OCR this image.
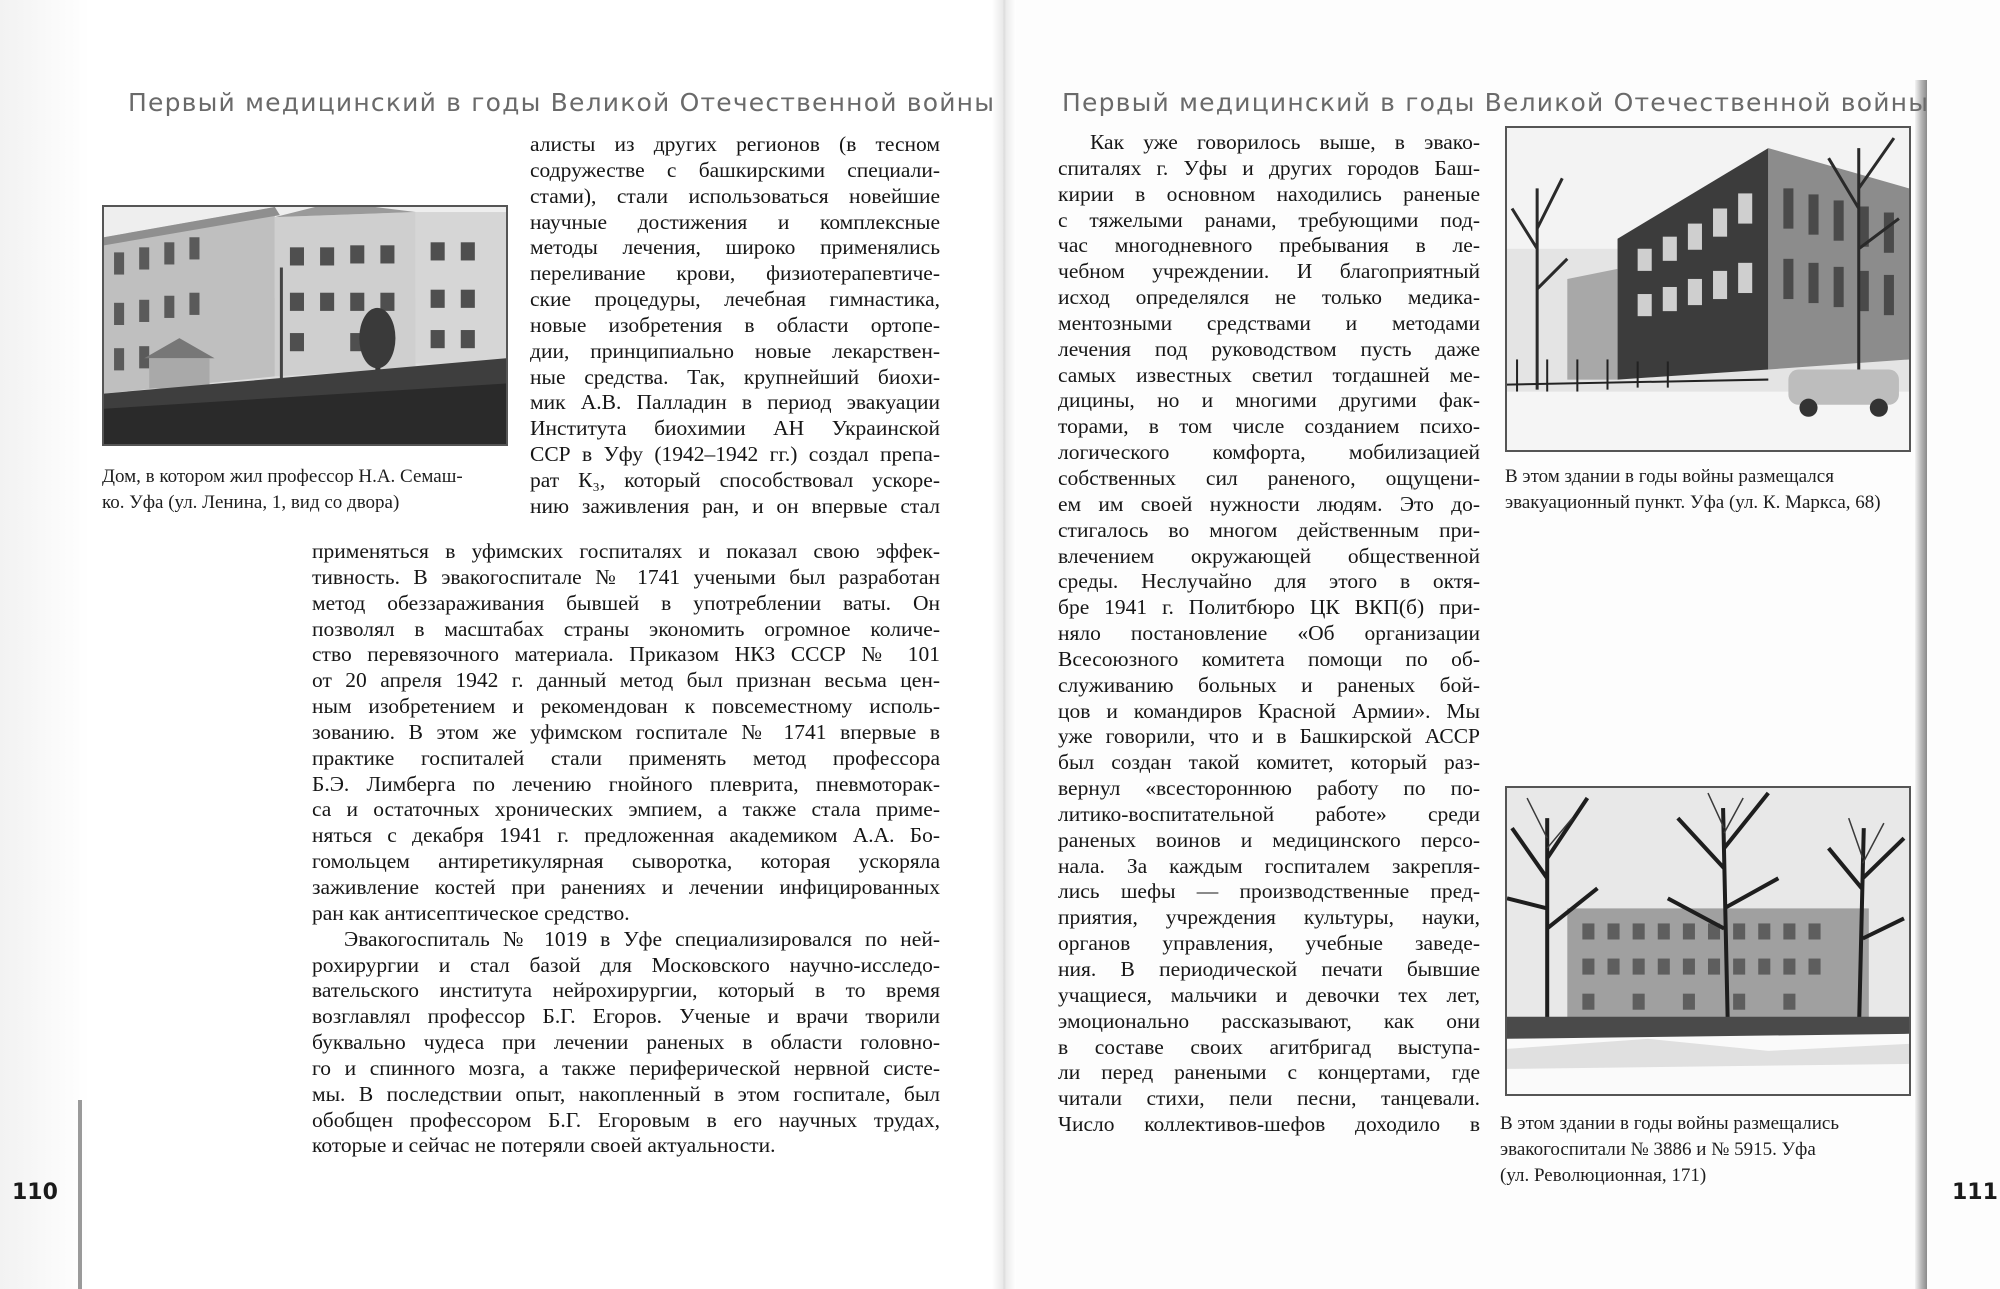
Первый медицинский в годы Великой Отечественной войны	Первый медицинский в годы Великой Отечественной войны
Дом, в котором жил профессор Н.А. Семаш-
ко. Уфа (ул. Ленина, 1, вид со двора)
алисты из других регионов (в тесном
содружестве с башкирскими специали-
стами), стали использоваться новейшие
научные достижения и комплексные
методы лечения, широко применялись
переливание крови, физиотерапевтиче-
ские процедуры, лечебная гимнастика,
новые изобретения в области ортопе-
дии, принципиально новые лекарствен-
ные средства. Так, крупнейший биохи-
мик А.В. Палладин в период эвакуации
Института биохимии АН Украинской
ССР в Уфу (1942–1942 гг.) создал препа-
рат К₃, который способствовал ускоре-
нию заживления ран, и он впервые стал
применяться в уфимских госпиталях и показал свою эффек-
тивность. В эвакогоспитале № 1741 учеными был разработан
метод обеззараживания бывшей в употреблении ваты. Он
позволял в масштабах страны экономить огромное количе-
ство перевязочного материала. Приказом НКЗ СССР № 101
от 20 апреля 1942 г. данный метод был признан весьма цен-
ным изобретением и рекомендован к повсеместному исполь-
зованию. В этом же уфимском госпитале № 1741 впервые в
практике госпиталей стали применять метод профессора
Б.Э. Лимберга по лечению гнойного плеврита, пневмоторак-
са и остаточных хронических эмпием, а также стала приме-
няться с декабря 1941 г. предложенная академиком А.А. Бо-
гомольцем антиретикулярная сыворотка, которая ускоряла
заживление костей при ранениях и лечении инфицированных
ран как антисептическое средство.
Эвакогоспиталь № 1019 в Уфе специализировался по ней-
рохирургии и стал базой для Московского научно-исследо-
вательского института нейрохирургии, который в то время
возглавлял профессор Б.Г. Егоров. Ученые и врачи творили
буквально чудеса при лечении раненых в области головно-
го и спинного мозга, а также периферической нервной систе-
мы. В последствии опыт, накопленный в этом госпитале, был
обобщен профессором Б.Г. Егоровым в его научных трудах,
которые и сейчас не потеряли своей актуальности.
110
Как уже говорилось выше, в эвако-
спиталях г. Уфы и других городов Баш-
кирии в основном находились раненые
с тяжелыми ранами, требующими под-
час многодневного пребывания в ле-
чебном учреждении. И благоприятный
исход определялся не только медика-
ментозными средствами и методами
лечения под руководством пусть даже
самых известных светил тогдашней ме-
дицины, но и многими другими фак-
торами, в том числе созданием психо-
логического комфорта, мобилизацией
собственных сил раненого, ощущени-
ем им своей нужности людям. Это до-
стигалось во многом действенным при-
влечением окружающей общественной
среды. Неслучайно для этого в октя-
бре 1941 г. Политбюро ЦК ВКП(б) при-
няло постановление «Об организации
Всесоюзного комитета помощи по об-
служиванию больных и раненых бой-
цов и командиров Красной Армии». Мы
уже говорили, что и в Башкирской АССР
был создан такой комитет, который раз-
вернул «всестороннюю работу по по-
литико-воспитательной работе» среди
раненых воинов и медицинского персо-
нала. За каждым госпиталем закрепля-
лись шефы — производственные пред-
приятия, учреждения культуры, науки,
органов управления, учебные заведе-
ния. В периодической печати бывшие
учащиеся, мальчики и девочки тех лет,
эмоционально рассказывают, как они
в составе своих агитбригад выступа-
ли перед ранеными с концертами, где
читали стихи, пели песни, танцевали.
Число коллективов-шефов доходило в
В этом здании в годы войны размещался
эвакуационный пункт. Уфа (ул. К. Маркса, 68)
В этом здании в годы войны размещались
эвакогоспитали № 3886 и № 5915. Уфа
(ул. Революционная, 171)
111
